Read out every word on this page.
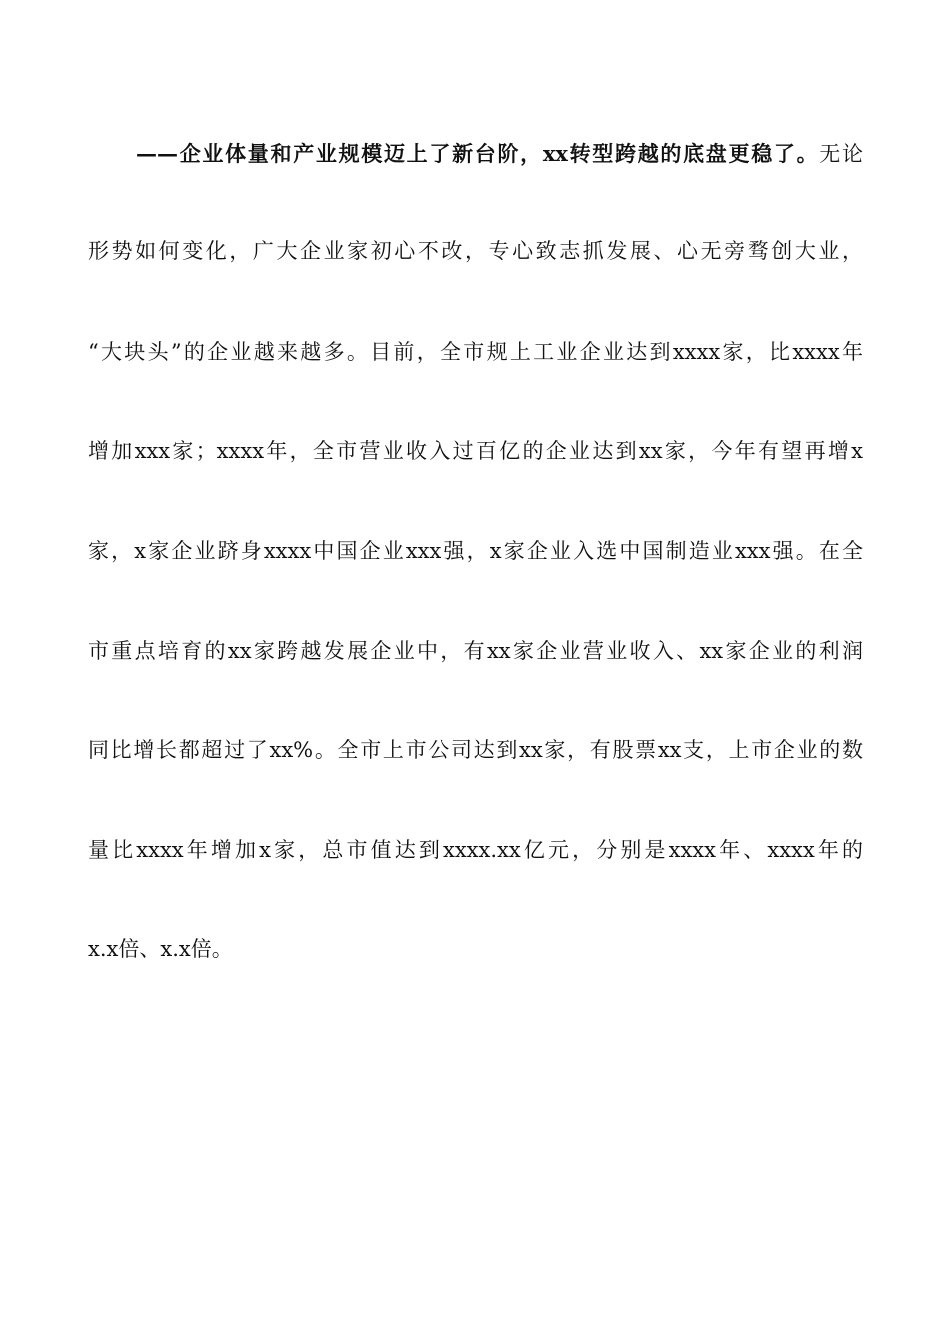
——企业体量和产业规模迈上了新台阶，xx转型跨越的底盘更稳了。无论
形势如何变化，广大企业家初心不改，专心致志抓发展、心无旁骛创大业，
“大块头”的企业越来越多。目前，全市规上工业企业达到xxxx家，比xxxx年
增加xxx家；xxxx年，全市营业收入过百亿的企业达到xx家，今年有望再增x
家，x家企业跻身xxxx中国企业xxx强，x家企业入选中国制造业xxx强。在全
市重点培育的xx家跨越发展企业中，有xx家企业营业收入、xx家企业的利润
同比增长都超过了xx%。全市上市公司达到xx家，有股票xx支，上市企业的数
量比xxxx年增加x家，总市值达到xxxx.xx亿元，分别是xxxx年、xxxx年的
x.x倍、x.x倍。
